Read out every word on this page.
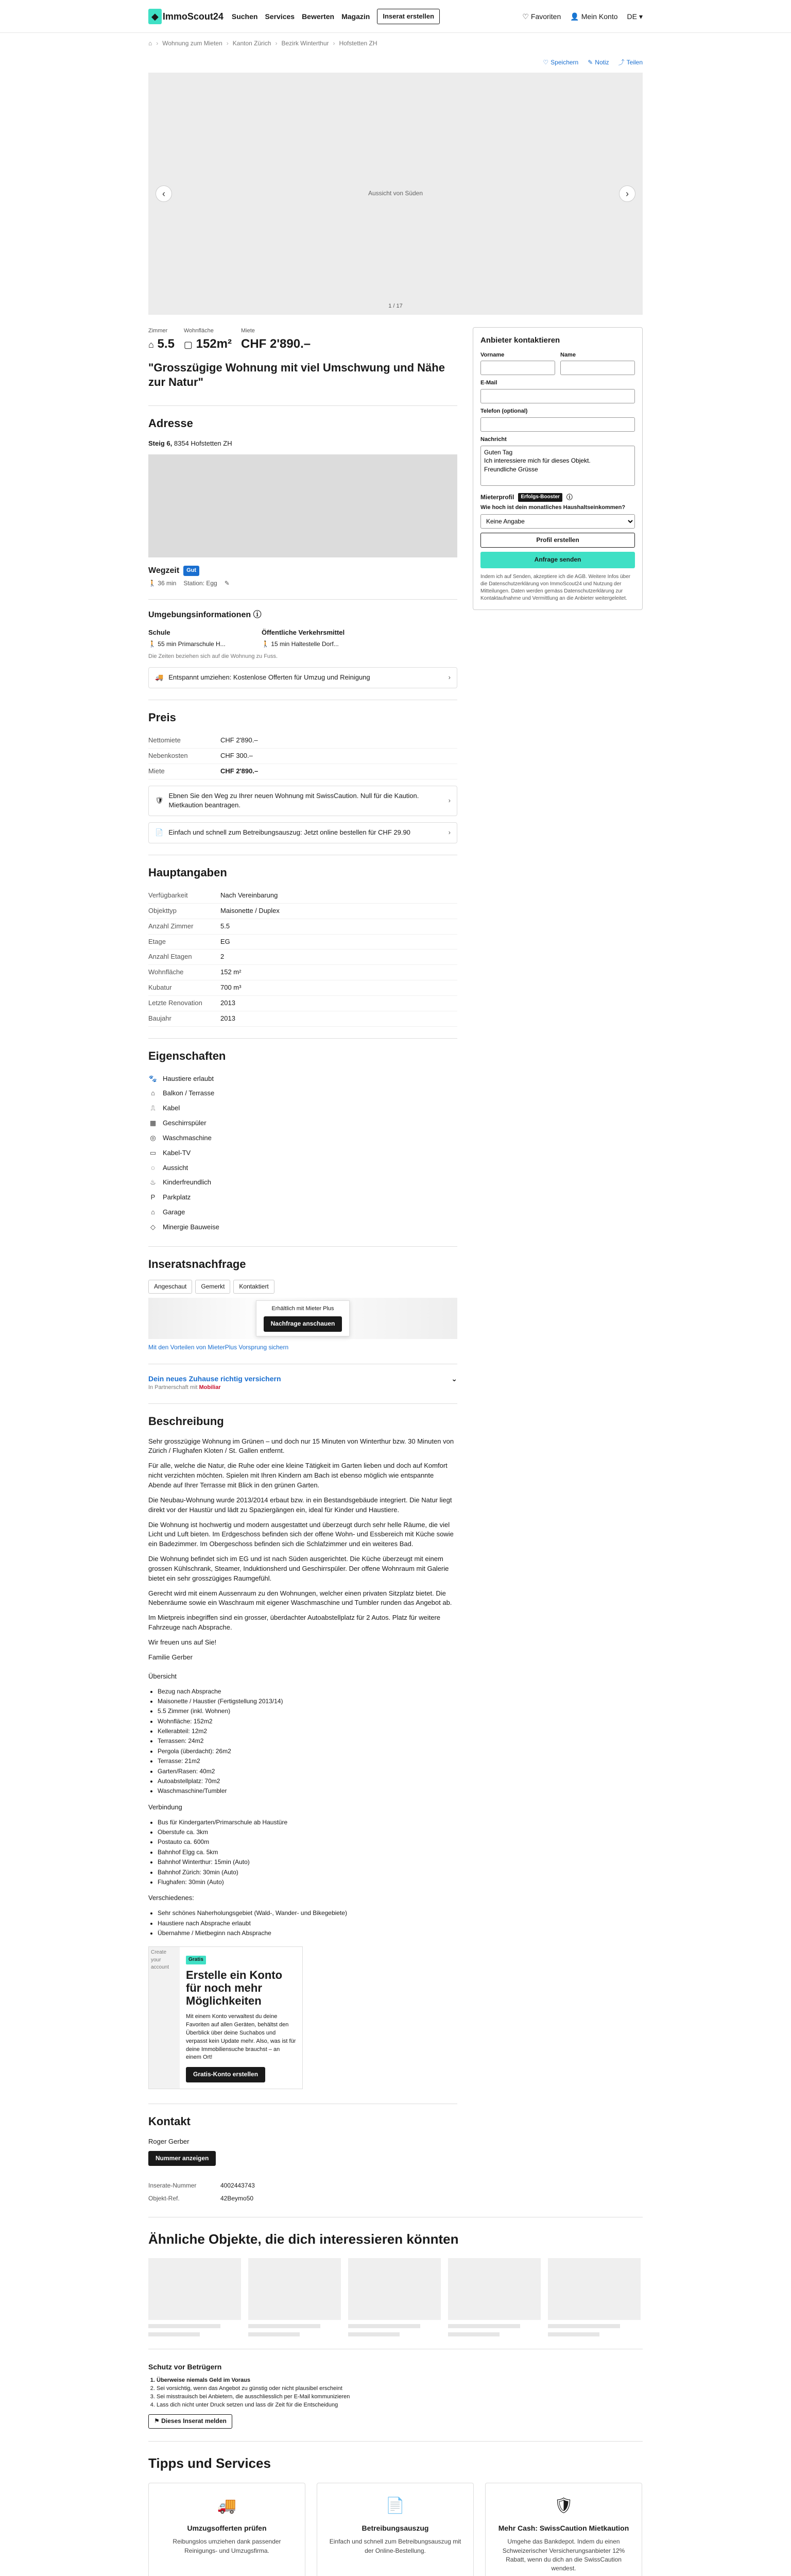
◆ ImmoScout24 Suchen Services Bewerten Magazin	Inserat erstellen	♡ Favoriten 👤 Mein Konto DE ▾
⌂ › Wohnung zum Mieten › Kanton Zürich › Bezirk Winterthur › Hofstetten ZH
♡ Speichern ✎ Notiz ⤴ Teilen
Aussicht von Süden
‹	›
1 / 17
Zimmer
⌂ 5.5
Wohnfläche
▢ 152m²
Miete
CHF 2'890.–
"Grosszügige Wohnung mit viel Umschwung und Nähe zur Natur"
Adresse
Steig 6, 8354 Hofstetten ZH
Wegzeit	Gut
🚶 36 min Station: Egg ✎
Umgebungsinformationen ⓘ
Schule
🚶 55 min Primarschule H...
Öffentliche Verkehrsmittel
🚶 15 min Haltestelle Dorf...
Die Zeiten beziehen sich auf die Wohnung zu Fuss.
🚚 Entspannt umziehen: Kostenlose Offerten für Umzug und Reinigung	›
Preis
Nettomiete	CHF 2'890.–
Nebenkosten	CHF 300.–
Miete	CHF 2'890.–
🛡
Ebnen Sie den Weg zu Ihrer neuen Wohnung mit SwissCaution. Null für die Kaution. Mietkaution beantragen.
›
📄 Einfach und schnell zum Betreibungsauszug: Jetzt online bestellen für CHF 29.90	›
Hauptangaben
Verfügbarkeit	Nach Vereinbarung
Objekttyp	Maisonette / Duplex
Anzahl Zimmer	5.5
Etage	EG
Anzahl Etagen	2
Wohnfläche	152 m²
Kubatur	700 m³
Letzte Renovation	2013
Baujahr	2013
Eigenschaften
🐾 Haustiere erlaubt
⌂	Balkon / Terrasse
⎍	Kabel
▦ Geschirrspüler
◎ Waschmaschine
▭ Kabel-TV
◌	Aussicht
♨ Kinderfreundlich
P	Parkplatz
⌂	Garage
◇	Minergie Bauweise
Inseratsnachfrage
Angeschaut	Gemerkt	Kontaktiert
Erhältlich mit Mieter Plus
Nachfrage anschauen
Mit den Vorteilen von MieterPlus Vorsprung sichern
Dein neues Zuhause richtig versichern	⌄
In Partnerschaft mit Mobiliar
Beschreibung

Sehr grosszügige Wohnung im Grünen – und doch nur 15 Minuten von Winterthur bzw. 30 Minuten von Zürich / Flughafen Kloten / St. Gallen entfernt.

Für alle, welche die Natur, die Ruhe oder eine kleine Tätigkeit im Garten lieben und doch auf Komfort nicht verzichten möchten. Spielen mit Ihren Kindern am Bach ist ebenso möglich wie entspannte Abende auf Ihrer Terrasse mit Blick in den grünen Garten.

Die Neubau-Wohnung wurde 2013/2014 erbaut bzw. in ein Bestandsgebäude integriert. Die Natur liegt direkt vor der Haustür und lädt zu Spaziergängen ein, ideal für Kinder und Haustiere.

Die Wohnung ist hochwertig und modern ausgestattet und überzeugt durch sehr helle Räume, die viel Licht und Luft bieten. Im Erdgeschoss befinden sich der offene Wohn- und Essbereich mit Küche sowie ein Badezimmer. Im Obergeschoss befinden sich die Schlafzimmer und ein weiteres Bad.

Die Wohnung befindet sich im EG und ist nach Süden ausgerichtet. Die Küche überzeugt mit einem grossen Kühlschrank, Steamer, Induktionsherd und Geschirrspüler. Der offene Wohnraum mit Galerie bietet ein sehr grosszügiges Raumgefühl.

Gerecht wird mit einem Aussenraum zu den Wohnungen, welcher einen privaten Sitzplatz bietet. Die Nebenräume sowie ein Waschraum mit eigener Waschmaschine und Tumbler runden das Angebot ab.

Im Mietpreis inbegriffen sind ein grosser, überdachter Autoabstellplatz für 2 Autos. Platz für weitere Fahrzeuge nach Absprache.

Wir freuen uns auf Sie!

Familie Gerber

Übersicht

• Bezug nach Absprache
• Maisonette / Haustier (Fertigstellung 2013/14)
• 5.5 Zimmer (inkl. Wohnen)
• Wohnfläche: 152m2
• Kellerabteil: 12m2
• Terrassen: 24m2
• Pergola (überdacht): 26m2
• Terrasse: 21m2
• Garten/Rasen: 40m2
• Autoabstellplatz: 70m2
• Waschmaschine/Tumbler

Verbindung

• Bus für Kindergarten/Primarschule ab Haustüre
• Oberstufe ca. 3km
• Postauto ca. 600m
• Bahnhof Elgg ca. 5km
• Bahnhof Winterthur: 15min (Auto)
• Bahnhof Zürich: 30min (Auto)
• Flughafen: 30min (Auto)

Verschiedenes:

• Sehr schönes Naherholungsgebiet (Wald-, Wander- und Bikegebiete)
• Haustiere nach Absprache erlaubt
• Übernahme / Mietbeginn nach Absprache
Create your account
Gratis
Erstelle ein Konto für noch mehr Möglichkeiten
Mit einem Konto verwaltest du deine Favoriten auf allen Geräten, behältst den Überblick über deine Suchabos und verpasst kein Update mehr. Also, was ist für deine Immobiliensuche brauchst – an einem Ort!
Gratis-Konto erstellen
Kontakt
Roger Gerber
Nummer anzeigen
Inserate-Nummer	4002443743
Objekt-Ref.	42Beymo50
Anbieter kontaktieren
Vorname	Name
E-Mail
Telefon (optional)
Nachricht
Guten Tag Ich interessiere mich für dieses Objekt. Freundliche Grüsse
Mieterprofil	Erfolgs-Booster	ⓘ
Wie hoch ist dein monatliches Haushaltseinkommen?
Keine Angabe
Profil erstellen
Anfrage senden
Indem ich auf Senden, akzeptiere ich die AGB. Weitere Infos über die Datenschutzerklärung von ImmoScout24 und Nutzung der Mitteilungen. Daten werden gemäss Datenschutzerklärung zur Kontaktaufnahme und Vermittlung an die Anbieter weitergeleitet.
Ähnliche Objekte, die dich interessieren könnten
Schutz vor Betrügern
1. Überweise niemals Geld im Voraus
2. Sei vorsichtig, wenn das Angebot zu günstig oder nicht plausibel erscheint
3. Sei misstrauisch bei Anbietern, die ausschliesslich per E-Mail kommunizieren
4. Lass dich nicht unter Druck setzen und lass dir Zeit für die Entscheidung
⚑ Dieses Inserat melden
Tipps und Services
🚚
Umzugsofferten prüfen

Reibungslos umziehen dank passender Reinigungs- und Umzugsfirma.

📄
Betreibungsauszug

Einfach und schnell zum Betreibungsauszug mit der Online-Bestellung.

🛡
Mehr Cash: SwissCaution Mietkaution

Umgehe das Bankdepot. Indem du einen Schweizerischer Versicherungsanbieter 12% Rabatt, wenn du dich an die SwissCaution wendest.
